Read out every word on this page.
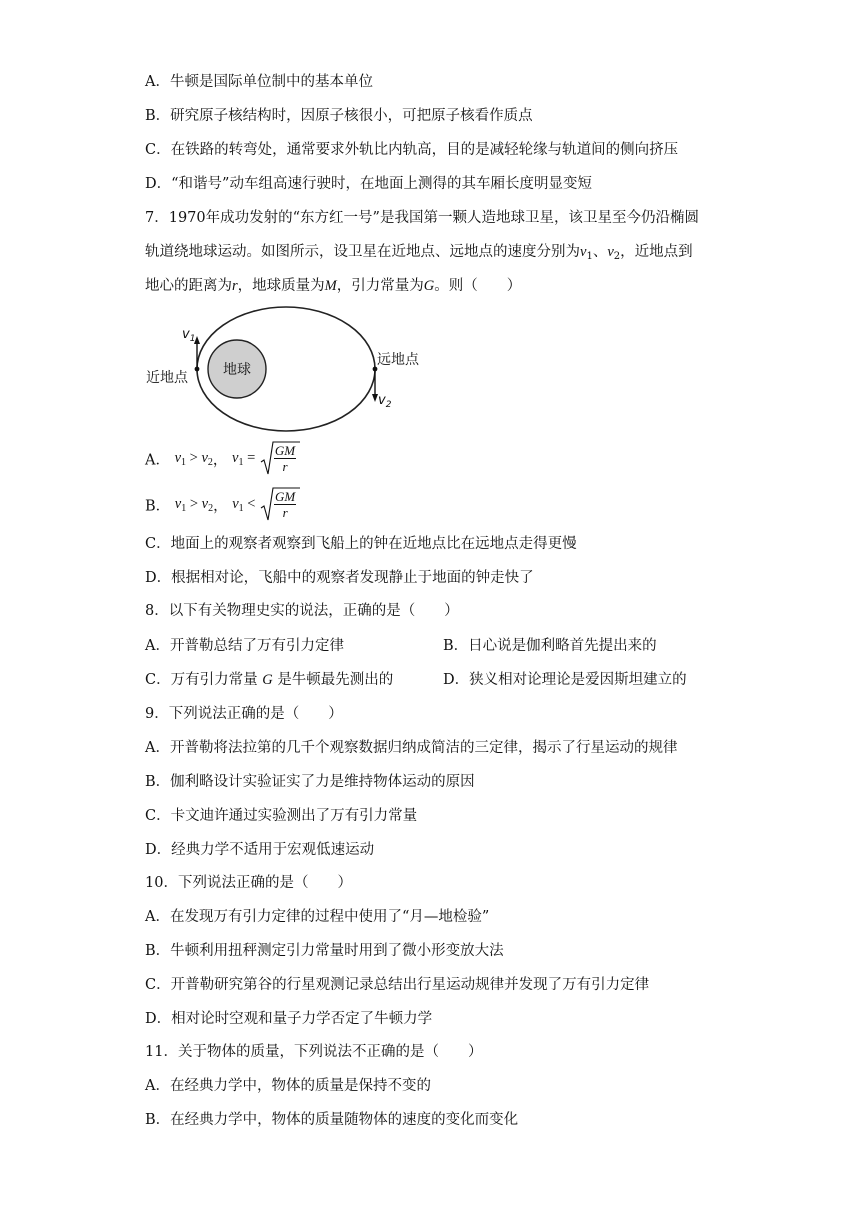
A．牛顿是国际单位制中的基本单位
B．研究原子核结构时，因原子核很小，可把原子核看作质点
C．在铁路的转弯处，通常要求外轨比内轨高，目的是减轻轮缘与轨道间的侧向挤压
D．“和谐号”动车组高速行驶时，在地面上测得的其车厢长度明显变短
7．1970年成功发射的“东方红一号”是我国第一颗人造地球卫星，该卫星至今仍沿椭圆
轨道绕地球运动。如图所示，设卫星在近地点、远地点的速度分别为$v_1$、$v_2$，近地点到
地心的距离为r，地球质量为M，引力常量为G。则（　　）
地球
近地点
远地点
$v_1$
$v_2$
A． $v_1 > v_2$， $v_1 = \frac{GM}{r}$
B． $v_1 > v_2$， $v_1 < \frac{GM}{r}$
C．地面上的观察者观察到飞船上的钟在近地点比在远地点走得更慢
D．根据相对论，飞船中的观察者发现静止于地面的钟走快了
8．以下有关物理史实的说法，正确的是（　　）
A．开普勒总结了万有引力定律	B．日心说是伽利略首先提出来的
C．万有引力常量 G 是牛顿最先测出的	D．狭义相对论理论是爱因斯坦建立的
9．下列说法正确的是（　　）
A．开普勒将法拉第的几千个观察数据归纳成简洁的三定律，揭示了行星运动的规律
B．伽利略设计实验证实了力是维持物体运动的原因
C．卡文迪许通过实验测出了万有引力常量
D．经典力学不适用于宏观低速运动
10．下列说法正确的是（　　）
A．在发现万有引力定律的过程中使用了“月—地检验”
B．牛顿利用扭秤测定引力常量时用到了微小形变放大法
C．开普勒研究第谷的行星观测记录总结出行星运动规律并发现了万有引力定律
D．相对论时空观和量子力学否定了牛顿力学
11．关于物体的质量，下列说法不正确的是（　　）
A．在经典力学中，物体的质量是保持不变的
B．在经典力学中，物体的质量随物体的速度的变化而变化
